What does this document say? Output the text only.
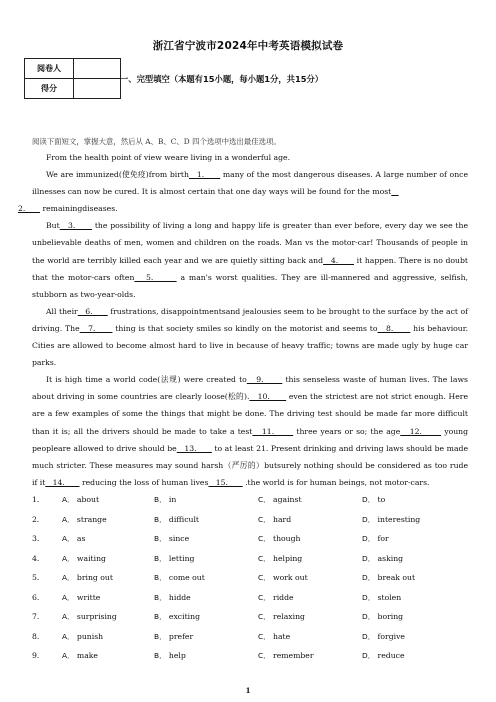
浙江省宁波市2024年中考英语模拟试卷
阅卷人	
得分	
一、完型填空（本题有15小题，每小题1分，共15分）
阅读下面短文，掌握大意，然后从 A、B、C、D 四个选项中选出最佳选项。

From the health point of view weare living in a wonderful age.

We are immunized(使免疫)from birth   1.       many of the most dangerous diseases. A large number of once illnesses can now be cured. It is almost certain that one day ways will be found for the most
2.       remainingdiseases.

But   3.       the possibility of living a long and happy life is greater than ever before, every day we see the unbelievable deaths of men, women and children on the roads. Man vs the motor-car! Thousands of people in the world are terribly killed each year and we are quietly sitting back and   4.       it happen. There is no doubt that the motor-cars often   5.       a man's worst qualities. They are ill-mannered and aggressive, selfish, stubborn as two-year-olds.

All their   6.       frustrations, disappointmentsand jealousies seem to be brought to the surface by the act of driving. The   7.       thing is that society smiles so kindly on the motorist and seems to   8.       his behaviour. Cities are allowed to become almost hard to live in because of heavy traffic; towns are made ugly by huge car parks.

It is high time a world code(法规) were created to   9.       this senseless waste of human lives. The laws about driving in some countries are clearly loose(松的).   10.       even the strictest are not strict enough. Here are a few examples of some the things that might be done. The driving test should be made far more difficult than it is; all the drivers should be made to take a test   11.       three years or so; the age   12.       young peopleare allowed to drive should be   13.       to at least 21. Present drinking and driving laws should be made much stricter. These measures may sound harsh（严厉的）butsurely nothing should be considered as too rude if it   14.       reducing the loss of human lives   15.       .the world is for human beings, not motor-cars.

1． A． about	B． in	C． against	D． to
2． A． strange	B． difficult	C． hard	D． interesting
3． A． as	B． since	C． though	D． for
4． A． waiting	B． letting	C． helping	D． asking
5． A． bring out	B． come out	C． work out	D． break out
6． A． writte	B． hidde	C． ridde	D． stolen
7． A． surprising	B． exciting	C． relaxing	D． boring
8． A． punish	B． prefer	C． hate	D． forgive
9． A． make	B． help	C． remember	D． reduce
1
